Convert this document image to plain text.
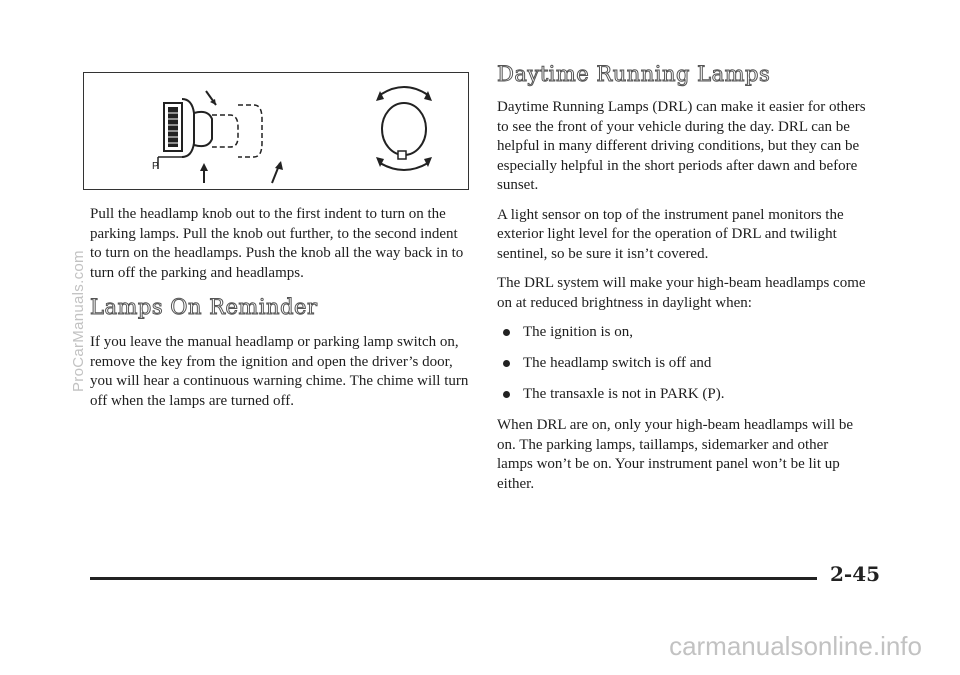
P

Pull the headlamp knob out to the first indent to turn on the parking lamps. Pull the knob out further, to the second indent to turn on the headlamps. Push the knob all the way back in to turn off the parking and headlamps.

Lamps On Reminder

If you leave the manual headlamp or parking lamp switch on, remove the key from the ignition and open the driver’s door, you will hear a continuous warning chime. The chime will turn off when the lamps are turned off.

Daytime Running Lamps

Daytime Running Lamps (DRL) can make it easier for others to see the front of your vehicle during the day. DRL can be helpful in many different driving conditions, but they can be especially helpful in the short periods after dawn and before sunset.

A light sensor on top of the instrument panel monitors the exterior light level for the operation of DRL and twilight sentinel, so be sure it isn’t covered.

The DRL system will make your high-beam headlamps come on at reduced brightness in daylight when:

The ignition is on,
The headlamp switch is off and
The transaxle is not in PARK (P).

When DRL are on, only your high-beam headlamps will be on. The parking lamps, taillamps, sidemarker and other lamps won’t be on. Your instrument panel won’t be lit up either.

2-45
ProCarManuals.com
carmanualsonline.info
